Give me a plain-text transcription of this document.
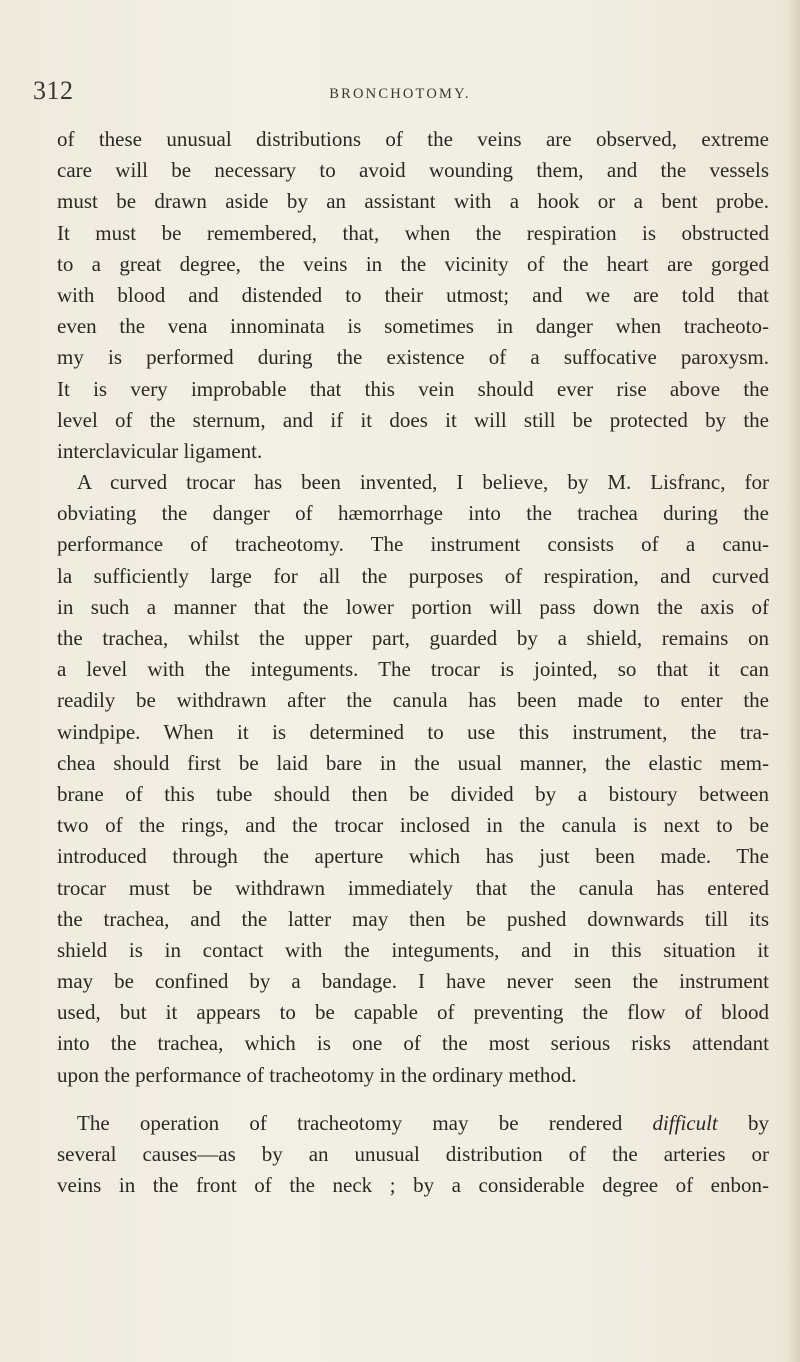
312	BRONCHOTOMY.
of these unusual distributions of the veins are observed, extreme
care will be necessary to avoid wounding them, and the vessels
must be drawn aside by an assistant with a hook or a bent probe.
It must be remembered, that, when the respiration is obstructed
to a great degree, the veins in the vicinity of the heart are gorged
with blood and distended to their utmost; and we are told that
even the vena innominata is sometimes in danger when tracheoto-
my is performed during the existence of a suffocative paroxysm.
It is very improbable that this vein should ever rise above the
level of the sternum, and if it does it will still be protected by the
interclavicular ligament.
A curved trocar has been invented, I believe, by M. Lisfranc, for
obviating the danger of hæmorrhage into the trachea during the
performance of tracheotomy. The instrument consists of a canu-
la sufficiently large for all the purposes of respiration, and curved
in such a manner that the lower portion will pass down the axis of
the trachea, whilst the upper part, guarded by a shield, remains on
a level with the integuments. The trocar is jointed, so that it can
readily be withdrawn after the canula has been made to enter the
windpipe. When it is determined to use this instrument, the tra-
chea should first be laid bare in the usual manner, the elastic mem-
brane of this tube should then be divided by a bistoury between
two of the rings, and the trocar inclosed in the canula is next to be
introduced through the aperture which has just been made. The
trocar must be withdrawn immediately that the canula has entered
the trachea, and the latter may then be pushed downwards till its
shield is in contact with the integuments, and in this situation it
may be confined by a bandage. I have never seen the instrument
used, but it appears to be capable of preventing the flow of blood
into the trachea, which is one of the most serious risks attendant
upon the performance of tracheotomy in the ordinary method.
The operation of tracheotomy may be rendered difficult by
several causes—as by an unusual distribution of the arteries or
veins in the front of the neck ; by a considerable degree of enbon-
